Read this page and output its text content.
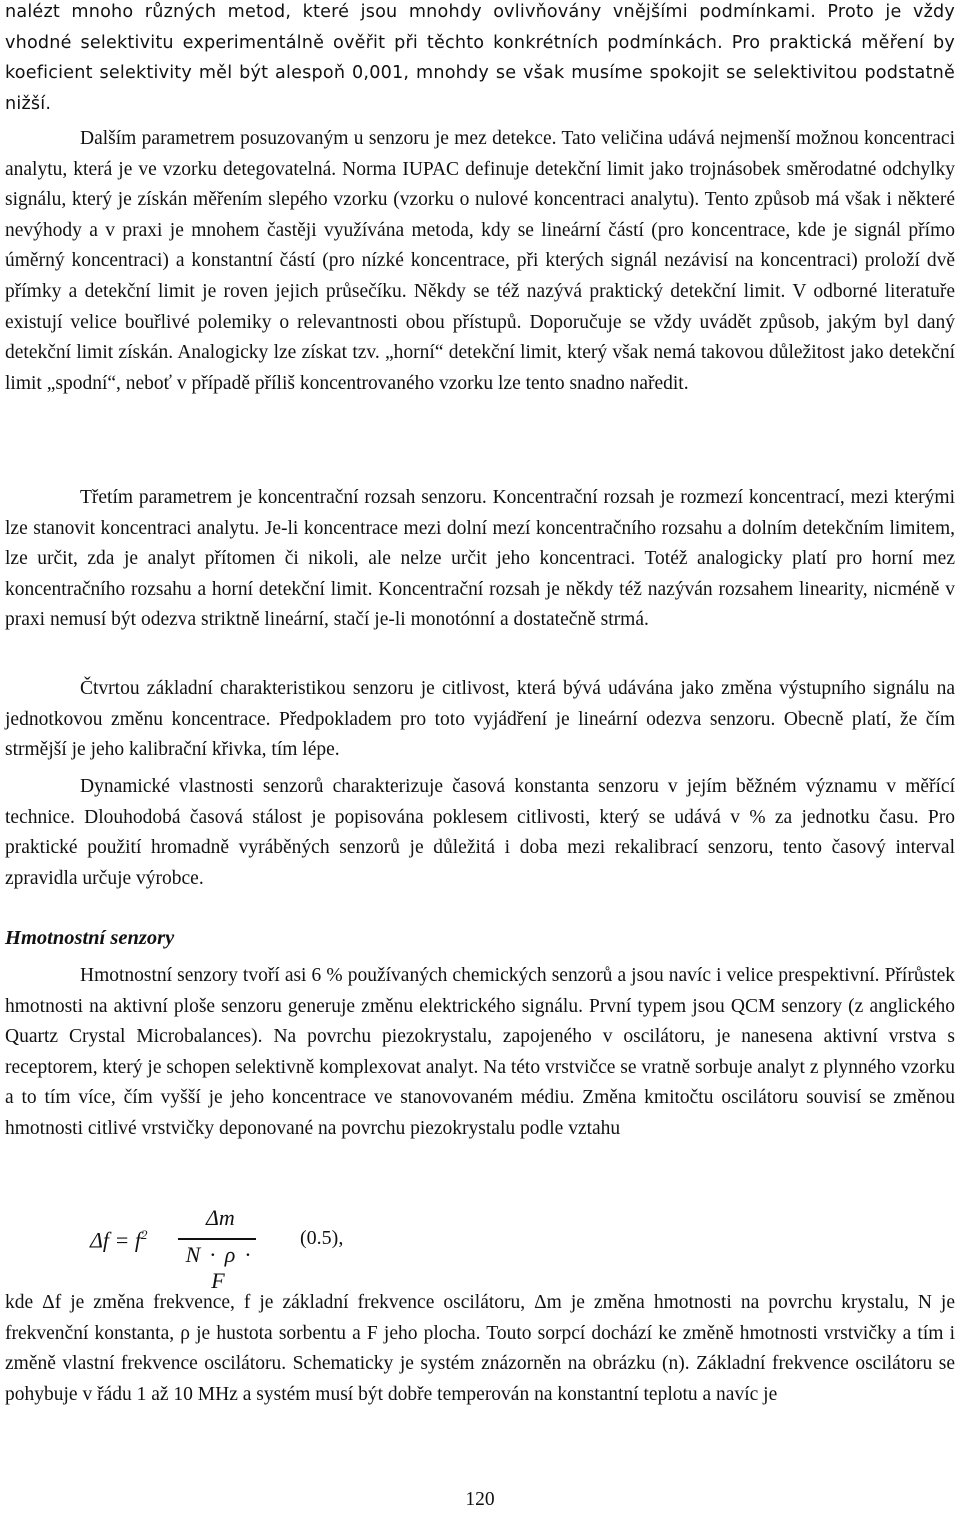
nalézt mnoho různých metod, které jsou mnohdy ovlivňovány vnějšími podmínkami. Proto je vždy vhodné selektivitu experimentálně ověřit při těchto konkrétních podmínkách. Pro praktická měření by koeficient selektivity měl být alespoň 0,001, mnohdy se však musíme spokojit se selektivitou podstatně nižší.

Dalším parametrem posuzovaným u senzoru je mez detekce. Tato veličina udává nejmenší možnou koncentraci analytu, která je ve vzorku detegovatelná. Norma IUPAC definuje detekční limit jako trojnásobek směrodatné odchylky signálu, který je získán měřením slepého vzorku (vzorku o nulové koncentraci analytu). Tento způsob má však i některé nevýhody a v praxi je mnohem častěji využívána metoda, kdy se lineární částí (pro koncentrace, kde je signál přímo úměrný koncentraci) a konstantní částí (pro nízké koncentrace, při kterých signál nezávisí na koncentraci) proloží dvě přímky a detekční limit je roven jejich průsečíku. Někdy se též nazývá praktický detekční limit. V odborné literatuře existují velice bouřlivé polemiky o relevantnosti obou přístupů. Doporučuje se vždy uvádět způsob, jakým byl daný detekční limit získán. Analogicky lze získat tzv. „horní“ detekční limit, který však nemá takovou důležitost jako detekční limit „spodní“, neboť v případě příliš koncentrovaného vzorku lze tento snadno naředit.

Třetím parametrem je koncentrační rozsah senzoru. Koncentrační rozsah je rozmezí koncentrací, mezi kterými lze stanovit koncentraci analytu. Je-li koncentrace mezi dolní mezí koncentračního rozsahu a dolním detekčním limitem, lze určit, zda je analyt přítomen či nikoli, ale nelze určit jeho koncentraci. Totéž analogicky platí pro horní mez koncentračního rozsahu a horní detekční limit. Koncentrační rozsah je někdy též nazýván rozsahem linearity, nicméně v praxi nemusí být odezva striktně lineární, stačí je-li monotónní a dostatečně strmá.

Čtvrtou základní charakteristikou senzoru je citlivost, která bývá udávána jako změna výstupního signálu na jednotkovou změnu koncentrace. Předpokladem pro toto vyjádření je lineární odezva senzoru. Obecně platí, že čím strmější je jeho kalibrační křivka, tím lépe.

Dynamické vlastnosti senzorů charakterizuje časová konstanta senzoru v jejím běžném významu v měřící technice. Dlouhodobá časová stálost je popisována poklesem citlivosti, který se udává v % za jednotku času. Pro praktické použití hromadně vyráběných senzorů je důležitá i doba mezi rekalibrací senzoru, tento časový interval zpravidla určuje výrobce.

Hmotnostní senzory

Hmotnostní senzory tvoří asi 6 % používaných chemických senzorů a jsou navíc i velice prespektivní. Přírůstek hmotnosti na aktivní ploše senzoru generuje změnu elektrického signálu. První typem jsou QCM senzory (z anglického Quartz Crystal Microbalances). Na povrchu piezokrystalu, zapojeného v oscilátoru, je nanesena aktivní vrstva s receptorem, který je schopen selektivně komplexovat analyt. Na této vrstvičce se vratně sorbuje analyt z plynného vzorku a to tím více, čím vyšší je jeho koncentrace ve stanovovaném médiu. Změna kmitočtu oscilátoru souvisí se změnou hmotnosti citlivé vrstvičky deponované na povrchu piezokrystalu podle vztahu

$\Delta f = f^2$
Δm
N · ρ · F
(0.5),

kde Δf je změna frekvence, f je základní frekvence oscilátoru, Δm je změna hmotnosti na povrchu krystalu, N je frekvenční konstanta, ρ je hustota sorbentu a F jeho plocha. Touto sorpcí dochází ke změně hmotnosti vrstvičky a tím i změně vlastní frekvence oscilátoru. Schematicky je systém znázorněn na obrázku (n). Základní frekvence oscilátoru se pohybuje v řádu 1 až 10 MHz a systém musí být dobře temperován na konstantní teplotu a navíc je

120
